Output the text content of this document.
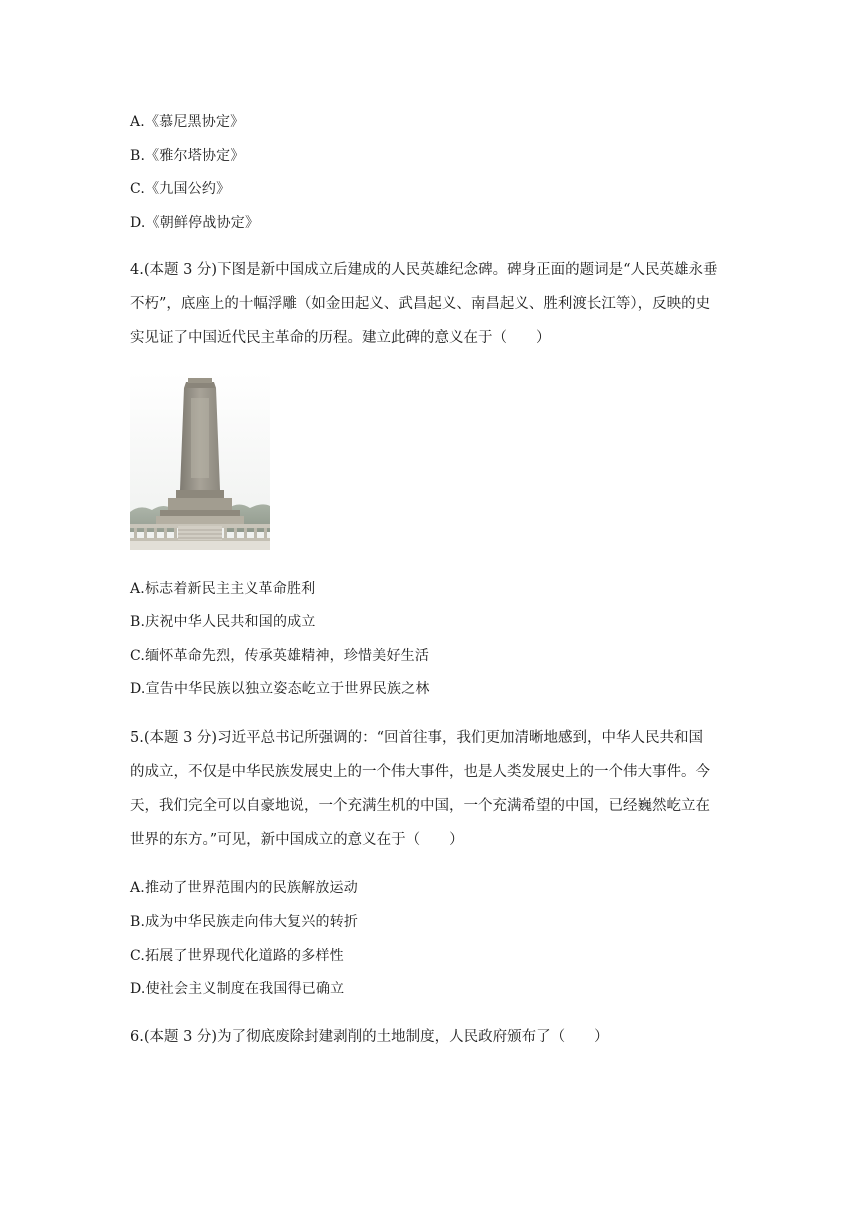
A.《慕尼黑协定》
B.《雅尔塔协定》
C.《九国公约》
D.《朝鲜停战协定》
4.(本题 3 分)下图是新中国成立后建成的人民英雄纪念碑。碑身正面的题词是“人民英雄永垂
不朽”，底座上的十幅浮雕（如金田起义、武昌起义、南昌起义、胜利渡长江等），反映的史
实见证了中国近代民主革命的历程。建立此碑的意义在于（　　）
A.标志着新民主主义革命胜利
B.庆祝中华人民共和国的成立
C.缅怀革命先烈，传承英雄精神，珍惜美好生活
D.宣告中华民族以独立姿态屹立于世界民族之林
5.(本题 3 分)习近平总书记所强调的：“回首往事，我们更加清晰地感到，中华人民共和国
的成立，不仅是中华民族发展史上的一个伟大事件，也是人类发展史上的一个伟大事件。今
天，我们完全可以自豪地说，一个充满生机的中国，一个充满希望的中国，已经巍然屹立在
世界的东方。”可见，新中国成立的意义在于（　　）
A.推动了世界范围内的民族解放运动
B.成为中华民族走向伟大复兴的转折
C.拓展了世界现代化道路的多样性
D.使社会主义制度在我国得已确立
6.(本题 3 分)为了彻底废除封建剥削的土地制度，人民政府颁布了（　　）
